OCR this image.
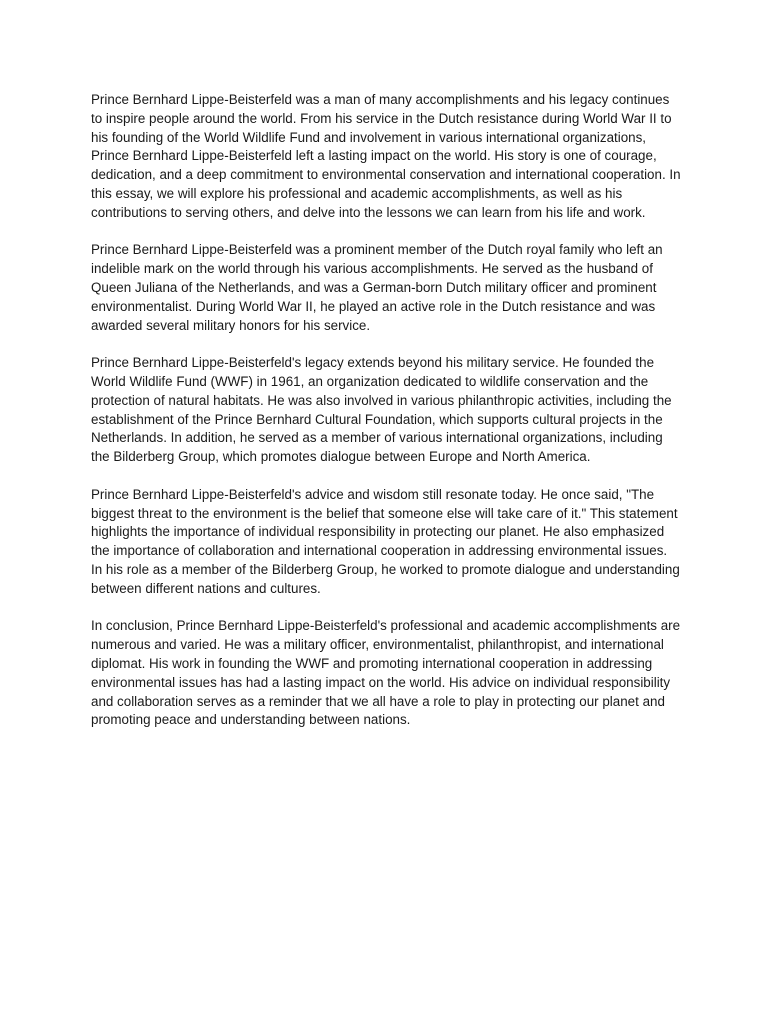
Prince Bernhard Lippe-Beisterfeld was a man of many accomplishments and his legacy continues to inspire people around the world. From his service in the Dutch resistance during World War II to his founding of the World Wildlife Fund and involvement in various international organizations, Prince Bernhard Lippe-Beisterfeld left a lasting impact on the world. His story is one of courage, dedication, and a deep commitment to environmental conservation and international cooperation. In this essay, we will explore his professional and academic accomplishments, as well as his contributions to serving others, and delve into the lessons we can learn from his life and work.

Prince Bernhard Lippe-Beisterfeld was a prominent member of the Dutch royal family who left an indelible mark on the world through his various accomplishments. He served as the husband of Queen Juliana of the Netherlands, and was a German-born Dutch military officer and prominent environmentalist. During World War II, he played an active role in the Dutch resistance and was awarded several military honors for his service.

Prince Bernhard Lippe-Beisterfeld's legacy extends beyond his military service. He founded the World Wildlife Fund (WWF) in 1961, an organization dedicated to wildlife conservation and the protection of natural habitats. He was also involved in various philanthropic activities, including the establishment of the Prince Bernhard Cultural Foundation, which supports cultural projects in the Netherlands. In addition, he served as a member of various international organizations, including the Bilderberg Group, which promotes dialogue between Europe and North America.

Prince Bernhard Lippe-Beisterfeld's advice and wisdom still resonate today. He once said, "The biggest threat to the environment is the belief that someone else will take care of it." This statement highlights the importance of individual responsibility in protecting our planet. He also emphasized the importance of collaboration and international cooperation in addressing environmental issues. In his role as a member of the Bilderberg Group, he worked to promote dialogue and understanding between different nations and cultures.

In conclusion, Prince Bernhard Lippe-Beisterfeld's professional and academic accomplishments are numerous and varied. He was a military officer, environmentalist, philanthropist, and international diplomat. His work in founding the WWF and promoting international cooperation in addressing environmental issues has had a lasting impact on the world. His advice on individual responsibility and collaboration serves as a reminder that we all have a role to play in protecting our planet and promoting peace and understanding between nations.
